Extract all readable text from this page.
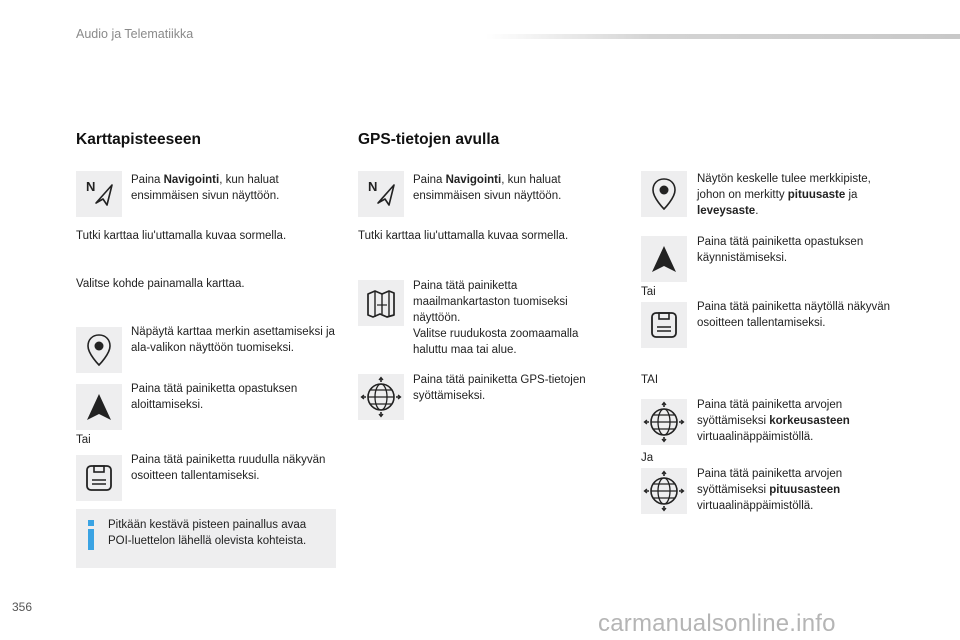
Audio ja Telematiikka
Karttapisteeseen
N	Paina Navigointi, kun haluat ensimmäisen sivun näyttöön.
Tutki karttaa liu'uttamalla kuvaa sormella.
Valitse kohde painamalla karttaa.
Näpäytä karttaa merkin asettamiseksi ja ala-valikon näyttöön tuomiseksi.
Paina tätä painiketta opastuksen aloittamiseksi.
Tai
Paina tätä painiketta ruudulla näkyvän osoitteen tallentamiseksi.
Pitkään kestävä pisteen painallus avaa POI-luettelon lähellä olevista kohteista.
GPS-tietojen avulla
N	Paina Navigointi, kun haluat ensimmäisen sivun näyttöön.
Tutki karttaa liu'uttamalla kuvaa sormella.
Paina tätä painiketta maailmankartaston tuomiseksi näyttöön.
Valitse ruudukosta zoomaamalla haluttu maa tai alue.
Paina tätä painiketta GPS-tietojen syöttämiseksi.
Näytön keskelle tulee merkkipiste, johon on merkitty pituusaste ja leveysaste.
Paina tätä painiketta opastuksen käynnistämiseksi.
Tai
Paina tätä painiketta näytöllä näkyvän osoitteen tallentamiseksi.
TAI
Paina tätä painiketta arvojen syöttämiseksi korkeusasteen virtuaalinäppäimistöllä.
Ja
Paina tätä painiketta arvojen syöttämiseksi pituusasteen virtuaalinäppäimistöllä.
356
carmanualsonline.info
